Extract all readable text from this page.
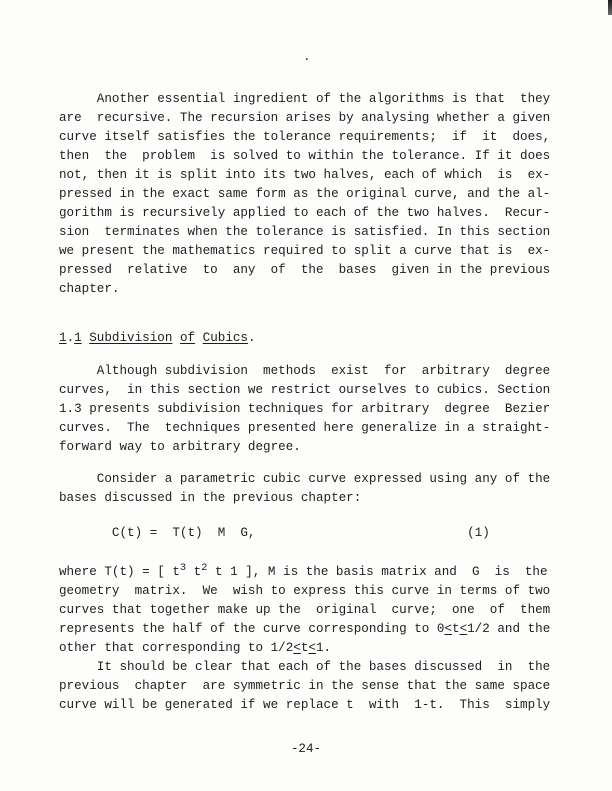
.
Another essential ingredient of the algorithms is that  they
are  recursive. The recursion arises by analysing whether a given
curve itself satisfies the tolerance requirements;  if  it  does,
then  the  problem  is solved to within the tolerance. If it does
not, then it is split into its two halves, each of which  is  ex-
pressed in the exact same form as the original curve, and the al-
gorithm is recursively applied to each of the two halves.  Recur-
sion  terminates when the tolerance is satisfied. In this section
we present the mathematics required to split a curve that is  ex-
pressed  relative  to  any  of  the  bases  given in the previous
chapter.
1.1 Subdivision of Cubics.
Although subdivision  methods  exist  for  arbitrary  degree
curves,  in this section we restrict ourselves to cubics. Section
1.3 presents subdivision techniques for arbitrary  degree  Bezier
curves.  The  techniques presented here generalize in a straight-
forward way to arbitrary degree.
Consider a parametric cubic curve expressed using any of the
bases discussed in the previous chapter:
C(t) =  T(t)  M  G,                            (1)
where T(t) = [ $t^3$ $t^2$ t 1 ], M is the basis matrix and  G  is  the
geometry  matrix.  We  wish to express this curve in terms of two
curves that together make up the  original  curve;  one  of  them
represents the half of the curve corresponding to 0<t<1/2 and the
other that corresponding to 1/2<t<1.
It should be clear that each of the bases discussed  in  the
previous  chapter  are symmetric in the sense that the same space
curve will be generated if we replace t  with  1-t.  This  simply
-24-
